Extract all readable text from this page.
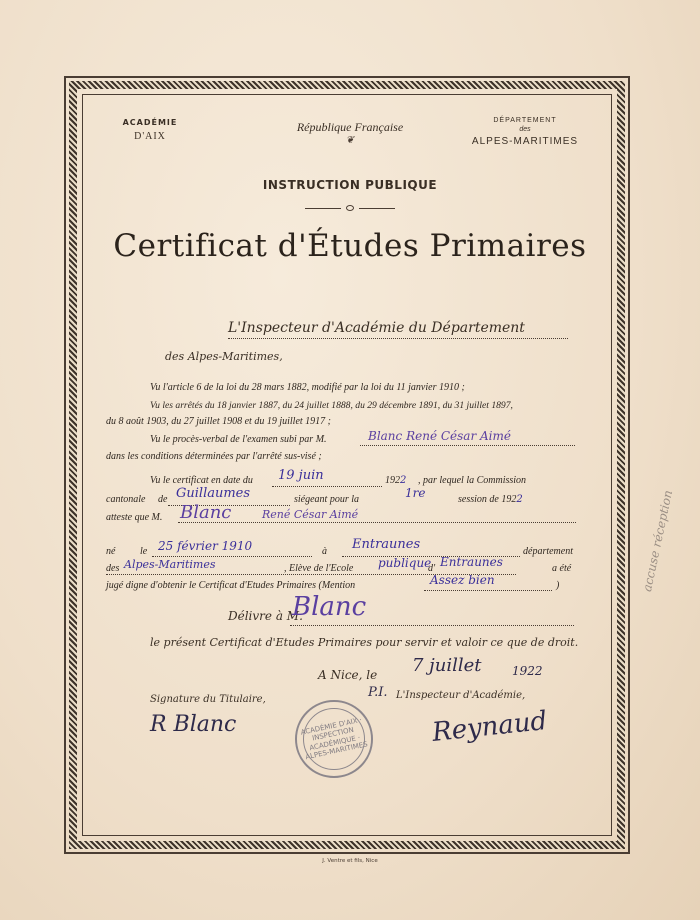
ACADÉMIE
D'AIX
République Française
❦
DÉPARTEMENT
des
ALPES-MARITIMES
INSTRUCTION PUBLIQUE
Certificat d'Études Primaires
L'Inspecteur d'Académie du Département
des Alpes-Maritimes,
Vu l'article 6 de la loi du 28 mars 1882, modifié par la loi du 11 janvier 1910 ;
Vu les arrêtés du 18 janvier 1887, du 24 juillet 1888, du 29 décembre 1891, du 31 juillet 1897,
du 8 août 1903, du 27 juillet 1908 et du 19 juillet 1917 ;
Vu le procès-verbal de l'examen subi par M.	Blanc René César Aimé
dans les conditions déterminées par l'arrêté sus-visé ;
Vu le certificat en date du 19 juin	1922 , par lequel la Commission
cantonale de Guillaumes	siégeant pour la	1re	session de 1922
atteste que M. Blanc	René César Aimé
né le 25 février 1910	à Entraunes	département
des Alpes-Maritimes	, Elève de l'Ecole publique
d' Entraunes	a été
jugé digne d'obtenir le Certificat d'Etudes Primaires (Mention	Assez bien	)
Délivre à M.
Blanc
le présent Certificat d'Etudes Primaires pour servir et valoir ce que de droit.
A Nice, le 7 juillet	1922
Signature du Titulaire,
R Blanc
P.I. L'Inspecteur d'Académie,
Reynaud
ACADÉMIE D'AIX · INSPECTION ACADÉMIQUE · ALPES-MARITIMES
J. Ventre et fils, Nice
accuse réception
